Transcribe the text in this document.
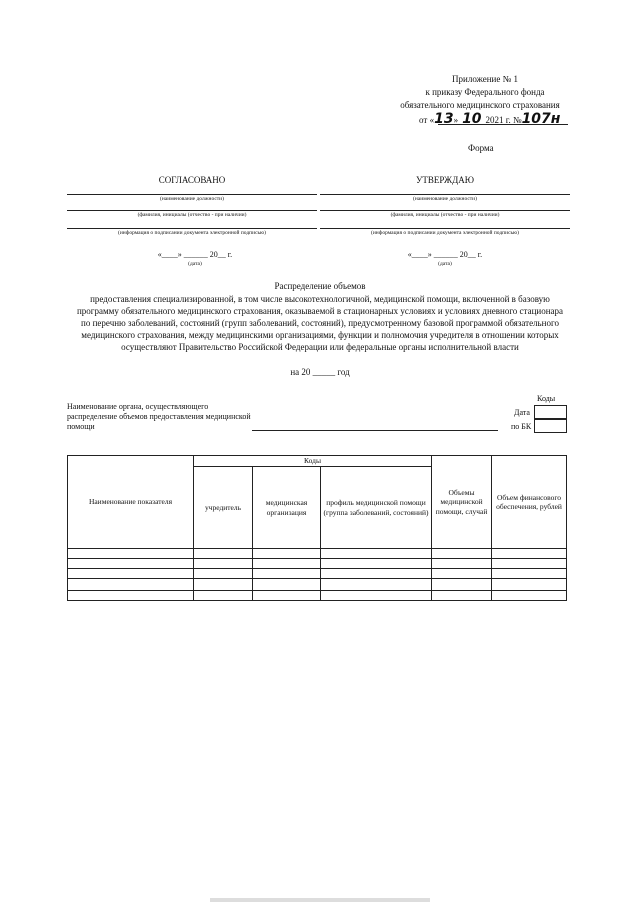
Приложение № 1
к приказу Федерального фонда
обязательного медицинского страхования
от «13» 10 2021 г. №107н
Форма
СОГЛАСОВАНО
(наименование должности)
(фамилия, инициалы (отчество - при наличии)
(информация о подписании документа электронной подписью)
«____» ______ 20__ г.
(дата)
УТВЕРЖДАЮ
(наименование должности)
(фамилия, инициалы (отчество - при наличии)
(информация о подписании документа электронной подписью)
«____» ______ 20__ г.
(дата)
Распределение объемов
предоставления специализированной, в том числе высокотехнологичной, медицинской помощи, включенной в базовую
программу обязательного медицинского страхования, оказываемой в стационарных условиях и условиях дневного стационара
по перечню заболеваний, состояний (групп заболеваний, состояний), предусмотренному базовой программой обязательного
медицинского страхования, между медицинскими организациями, функции и полномочия учредителя в отношении которых
осуществляют Правительство Российской Федерации или федеральные органы исполнительной власти
на 20 _____ год
Коды
Наименование органа, осуществляющего
распределение объемов предоставления медицинской
помощи
Дата
по БК
Наименование показателя	Коды			Объемы медицинской помощи, случай	Объем финансового обеспечения, рублей
	учредитель	медицинская организация	профиль медицинской помощи (группа заболеваний, состояний)		
